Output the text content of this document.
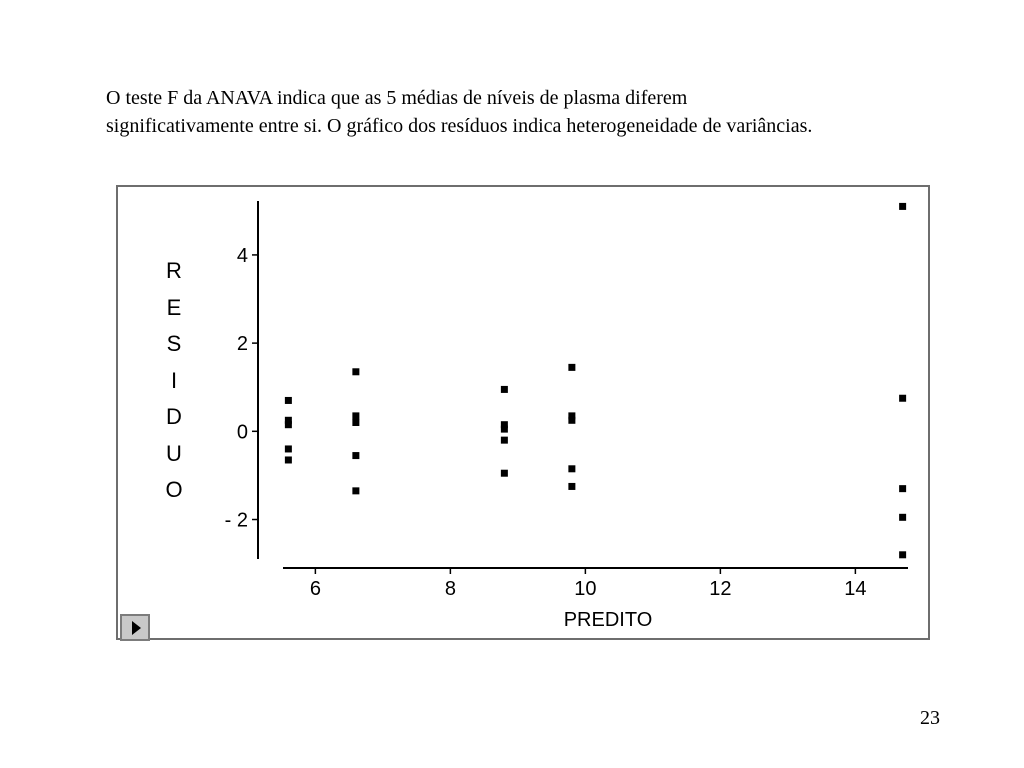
O teste F da ANAVA indica que as 5 médias de níveis de plasma diferem
significativamente entre si. O gráfico dos resíduos indica heterogeneidade de variâncias.

4
2
0
- 2
6	8	10	12	14
R
E
S
I
D
U
O
PREDITO
23
